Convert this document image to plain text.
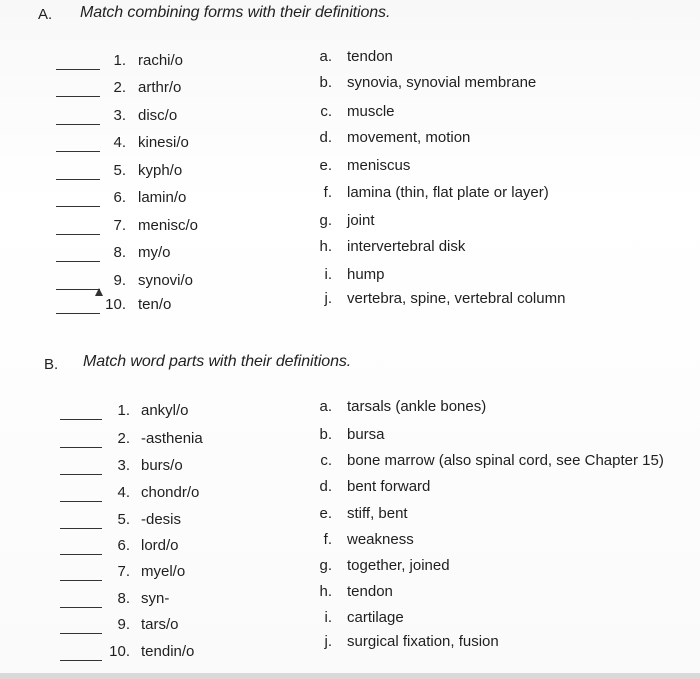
A. Match combining forms with their definitions.
1. rachi/o
2. arthr/o
3. disc/o
4. kinesi/o
5. kyph/o
6. lamin/o
7. menisc/o
8. my/o
9. synovi/o
10. ten/o
a. tendon
b. synovia, synovial membrane
c. muscle
d. movement, motion
e. meniscus
f. lamina (thin, flat plate or layer)
g. joint
h. intervertebral disk
i. hump
j. vertebra, spine, vertebral column
B. Match word parts with their definitions.
1. ankyl/o
2. -asthenia
3. burs/o
4. chondr/o
5. -desis
6. lord/o
7. myel/o
8. syn-
9. tars/o
10. tendin/o
a. tarsals (ankle bones)
b. bursa
c. bone marrow (also spinal cord, see Chapter 15)
d. bent forward
e. stiff, bent
f. weakness
g. together, joined
h. tendon
i. cartilage
j. surgical fixation, fusion
